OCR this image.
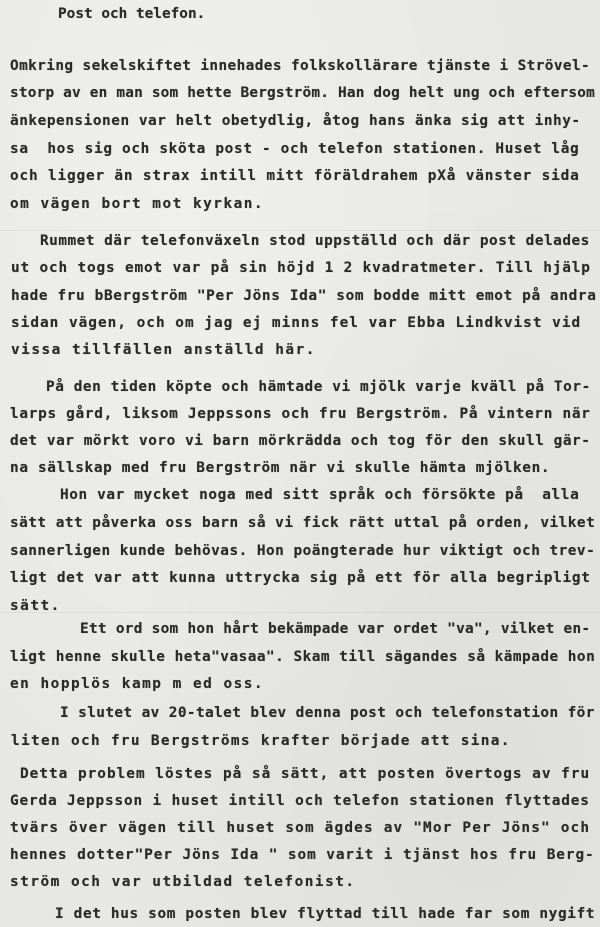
Post och telefon.
Omkring sekelskiftet innehades folkskollärare tjänste i Strövel-
storp av en man som hette Bergström. Han dog helt ung och eftersom
änkepensionen var helt obetydlig, åtog hans änka sig att inhy-
sa  hos sig och sköta post - och telefon stationen. Huset låg
och ligger än strax intill mitt föräldrahem pXå vänster sida
om vägen bort mot kyrkan.
Rummet där telefonväxeln stod uppställd och där post delades
ut och togs emot var på sin höjd 1 2 kvadratmeter. Till hjälp
hade fru bBergström "Per Jöns Ida" som bodde mitt emot på andra
sidan vägen, och om jag ej minns fel var Ebba Lindkvist vid
vissa tillfällen anställd här.
På den tiden köpte och hämtade vi mjölk varje kväll på Tor-
larps gård, liksom Jeppssons och fru Bergström. På vintern när
det var mörkt voro vi barn mörkrädda och tog för den skull gär-
na sällskap med fru Bergström när vi skulle hämta mjölken.
Hon var mycket noga med sitt språk och försökte på  alla
sätt att påverka oss barn så vi fick rätt uttal på orden, vilket
sannerligen kunde behövas. Hon poängterade hur viktigt och trev-
ligt det var att kunna uttrycka sig på ett för alla begripligt
sätt.
Ett ord som hon hårt bekämpade var ordet "va", vilket en-
ligt henne skulle heta"vasaa". Skam till sägandes så kämpade hon
en hopplös kamp m ed oss.
I slutet av 20-talet blev denna post och telefonstation för
liten och fru Bergströms krafter började att sina.
Detta problem löstes på så sätt, att posten övertogs av fru
Gerda Jeppsson i huset intill och telefon stationen flyttades
tvärs över vägen till huset som ägdes av "Mor Per Jöns" och
hennes dotter"Per Jöns Ida " som varit i tjänst hos fru Berg-
ström och var utbildad telefonist.
I det hus som posten blev flyttad till hade far som nygift
